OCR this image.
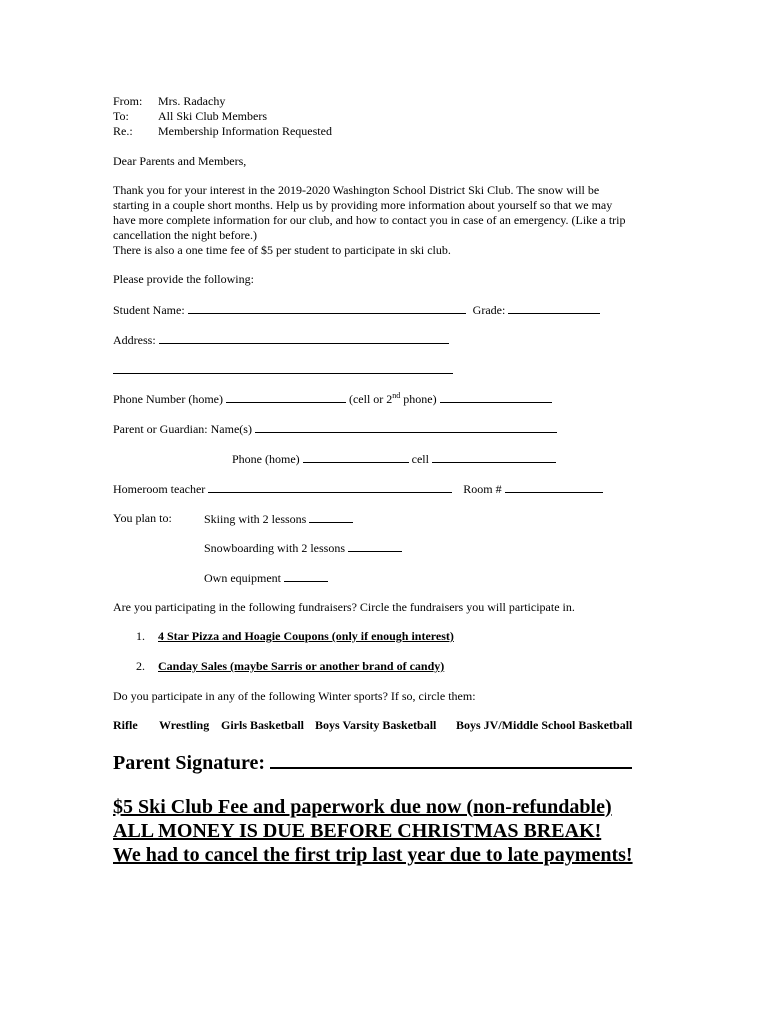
From: Mrs. Radachy
To: All Ski Club Members
Re.: Membership Information Requested
Dear Parents and Members,
Thank you for your interest in the 2019-2020 Washington School District Ski Club. The snow will be
starting in a couple short months. Help us by providing more information about yourself so that we may
have more complete information for our club, and how to contact you in case of an emergency. (Like a trip
cancellation the night before.)
There is also a one time fee of $5 per student to participate in ski club.
Please provide the following:
Student Name:	Grade:
Address:
Phone Number (home)	(cell or 2nd phone)
Parent or Guardian: Name(s)
Phone (home)	cell
Homeroom teacher	Room #
You plan to:	Skiing with 2 lessons
Snowboarding with 2 lessons
Own equipment
Are you participating in the following fundraisers? Circle the fundraisers you will participate in.
1. 4 Star Pizza and Hoagie Coupons (only if enough interest)
2. Canday Sales (maybe Sarris or another brand of candy)
Do you participate in any of the following Winter sports? If so, circle them:
Rifle Wrestling Girls Basketball Boys Varsity Basketball Boys JV/Middle School Basketball
Parent Signature:
$5 Ski Club Fee and paperwork due now (non-refundable)
ALL MONEY IS DUE BEFORE CHRISTMAS BREAK!
We had to cancel the first trip last year due to late payments!
